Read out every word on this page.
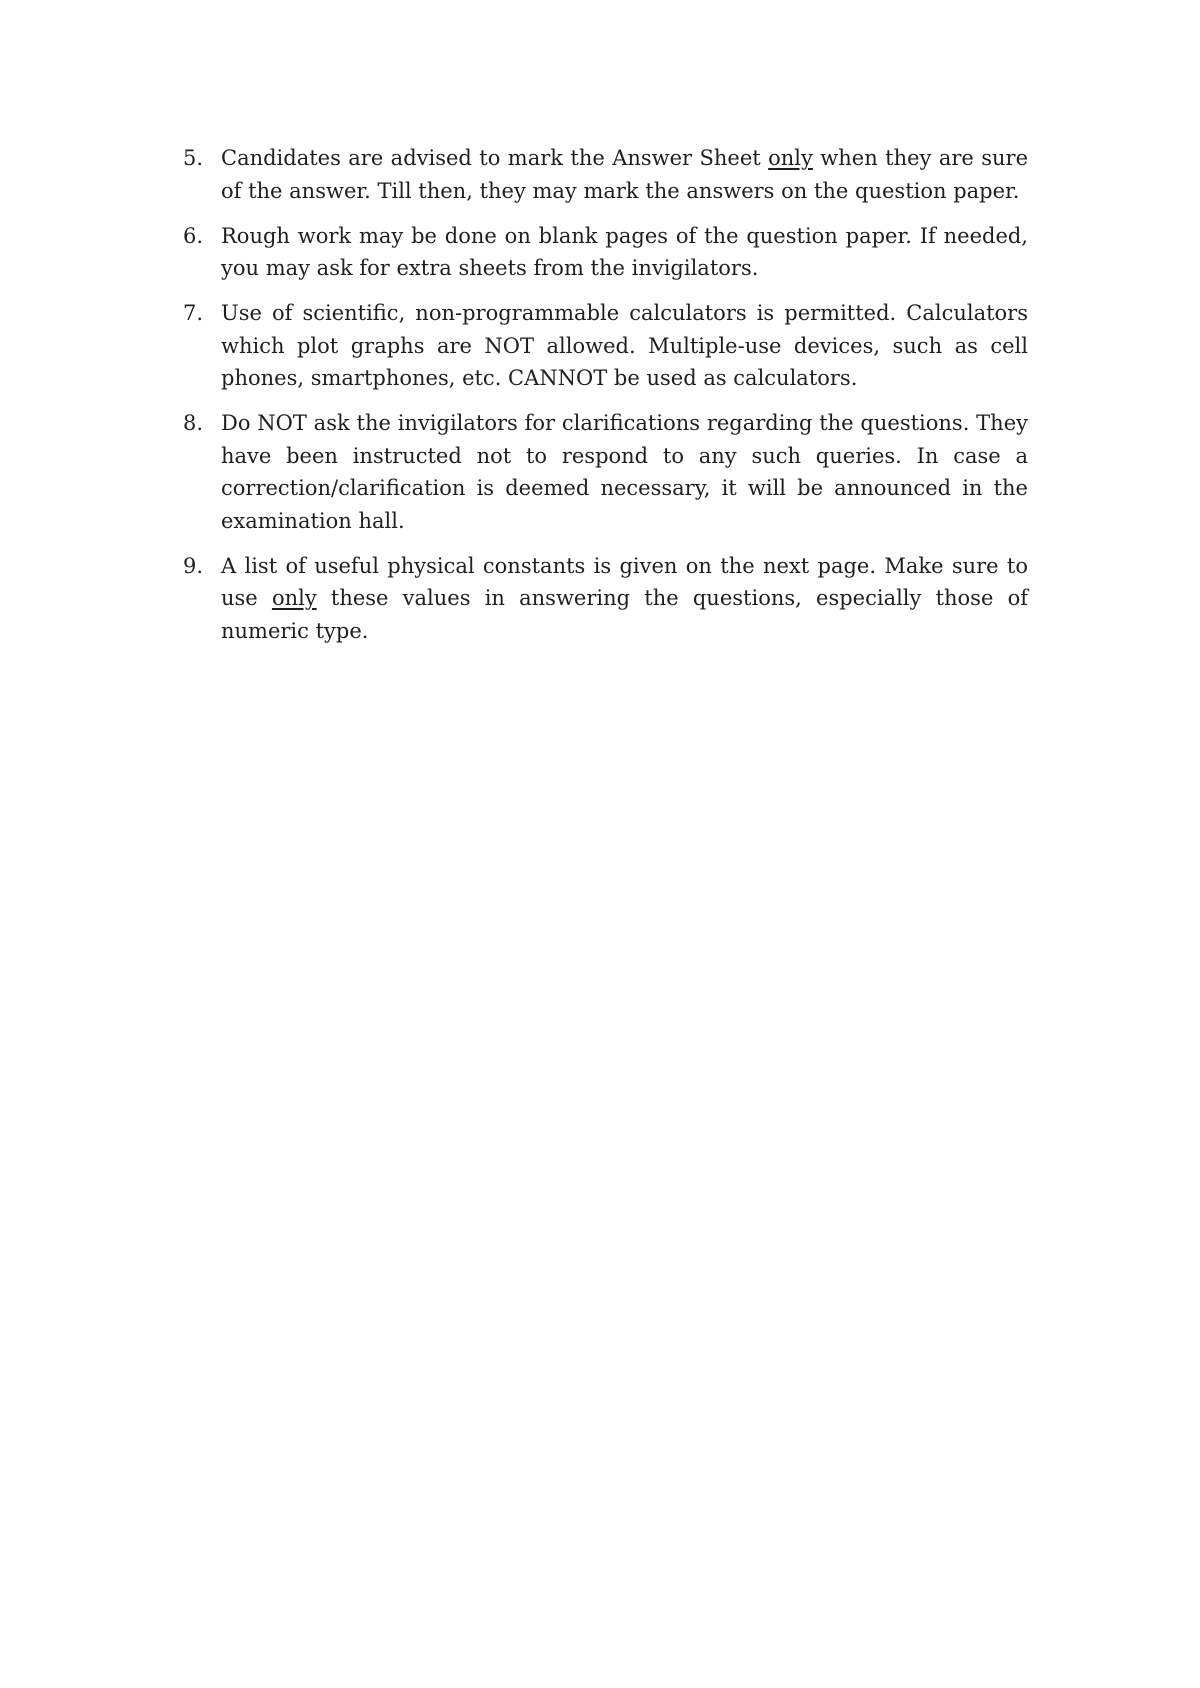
5. Candidates are advised to mark the Answer Sheet only when they are sure of the answer. Till then, they may mark the answers on the question paper.
6. Rough work may be done on blank pages of the question paper. If needed, you may ask for extra sheets from the invigilators.
7. Use of scientific, non-programmable calculators is permitted. Calculators which plot graphs are NOT allowed. Multiple-use devices, such as cell phones, smartphones, etc. CANNOT be used as calculators.
8. Do NOT ask the invigilators for clarifications regarding the questions. They have been instructed not to respond to any such queries. In case a correction/clarification is deemed necessary, it will be announced in the examination hall.
9. A list of useful physical constants is given on the next page. Make sure to use only these values in answering the questions, especially those of numeric type.
